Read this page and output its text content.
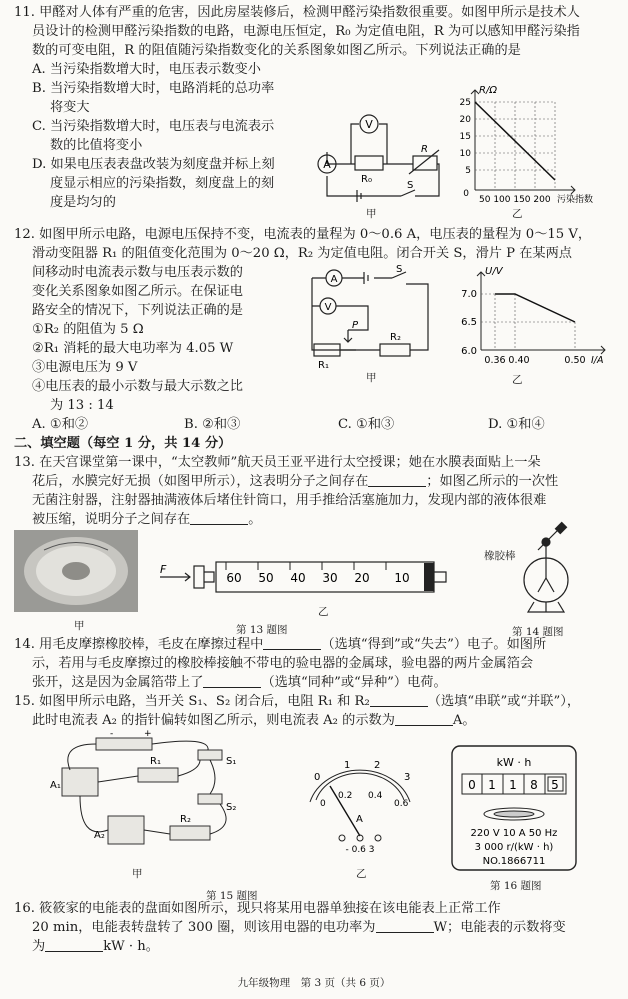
11. 甲醛对人体有严重的危害，因此房屋装修后，检测甲醛污染指数很重要。如图甲所示是技术人
员设计的检测甲醛污染指数的电路，电源电压恒定，R₀ 为定值电阻，R 为可以感知甲醛污染指
数的可变电阻，R 的阻值随污染指数变化的关系图象如图乙所示。下列说法正确的是
A. 当污染指数增大时，电压表示数变小
B. 当污染指数增大时，电路消耗的总功率
将变大
C. 当污染指数增大时，电压表与电流表示
数的比值将变小
D. 如果电压表表盘改装为刻度盘并标上刻
度显示相应的污染指数，刻度盘上的刻
度是均匀的
V
A
R₀
R
S
甲
R/Ω
25
20
15
10
5
0
50 100 150 200 污染指数
乙
12. 如图甲所示电路，电源电压保持不变，电流表的量程为 0～0.6 A，电压表的量程为 0～15 V，
滑动变阻器 R₁ 的阻值变化范围为 0～20 Ω，R₂ 为定值电阻。闭合开关 S，滑片 P 在某两点
间移动时电流表示数与电压表示数的
变化关系图象如图乙所示。在保证电
路安全的情况下，下列说法正确的是
①R₂ 的阻值为 5 Ω
②R₁ 消耗的最大电功率为 4.05 W
③电源电压为 9 V
④电压表的最小示数与最大示数之比
为 13 : 14
A. ①和②	B. ②和③	C. ①和③	D. ①和④
A
V
S
P
R₂
R₁
甲
U/V
7.0
6.5
6.0
0.36 0.40	0.50 I/A
乙
二、填空题（每空 1 分，共 14 分）
13. 在天宫课堂第一课中，“太空教师”航天员王亚平进行太空授课；她在水膜表面贴上一朵
花后，水膜完好无损（如图甲所示），这表明分子之间存在	；如图乙所示的一次性
无菌注射器，注射器抽满液体后堵住针筒口，用手推给活塞施加力，发现内部的液体很难
被压缩，说明分子之间存在	。
甲
F
60 50 40 30 20 10
乙
第 13 题图
橡胶棒
第 14 题图
14. 用毛皮摩擦橡胶棒，毛皮在摩擦过程中	（选填“得到”或“失去”）电子。如图所
示，若用与毛皮摩擦过的橡胶棒接触不带电的验电器的金属球，验电器的两片金属箔会
张开，这是因为金属箔带上了	（选填“同种”或“异种”）电荷。
15. 如图甲所示电路，当开关 S₁、S₂ 闭合后，电阻 R₁ 和 R₂	（选填“串联”或“并联”），
此时电流表 A₂ 的指针偏转如图乙所示，则电流表 A₂ 的示数为	A。
-	+
A₁
R₁	S₁
S₂
A₂
R₂
甲
0
1 2
3
0
0.2 0.4
0.6
A
- 0.6 3
乙
第 15 题图
kW · h
0 1 1 8 5
220 V 10 A 50 Hz
3 000 r/(kW · h)
NO.1866711
第 16 题图
16. 筱筱家的电能表的盘面如图所示，现只将某用电器单独接在该电能表上正常工作
20 min，电能表转盘转了 300 圈，则该用电器的电功率为	W；电能表的示数将变
为	kW · h。
九年级物理　第 3 页（共 6 页）
